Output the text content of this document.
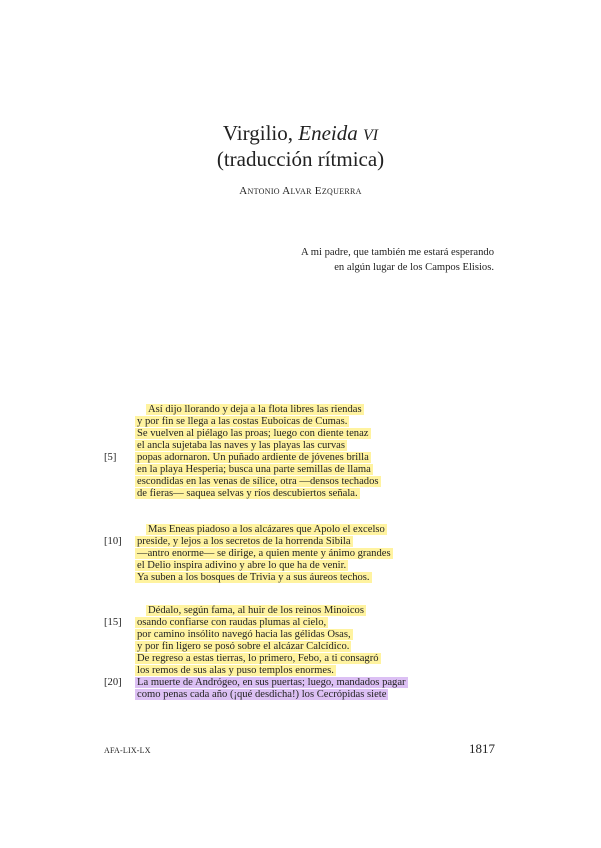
Virgilio, Eneida VI
(traducción rítmica)
Antonio Alvar Ezquerra
A mi padre, que también me estará esperando
en algún lugar de los Campos Elisios.
Así dijo llorando y deja a la flota libres las riendas
y por fin se llega a las costas Euboicas de Cumas.
Se vuelven al piélago las proas; luego con diente tenaz
el ancla sujetaba las naves y las playas las curvas
popas adornaron. Un puñado ardiente de jóvenes brilla
[5]
en la playa Hesperia; busca una parte semillas de llama
escondidas en las venas de sílice, otra —densos techados
de fieras— saquea selvas y ríos descubiertos señala.
Mas Eneas piadoso a los alcázares que Apolo el excelso
preside, y lejos a los secretos de la horrenda Sibila
[10]
—antro enorme— se dirige, a quien mente y ánimo grandes
el Delio inspira adivino y abre lo que ha de venir.
Ya suben a los bosques de Trivia y a sus áureos techos.
Dédalo, según fama, al huir de los reinos Minoicos
osando confiarse con raudas plumas al cielo,
[15]
por camino insólito navegó hacia las gélidas Osas,
y por fin ligero se posó sobre el alcázar Calcídico.
De regreso a estas tierras, lo primero, Febo, a ti consagró
los remos de sus alas y puso templos enormes.
La muerte de Andrógeo, en sus puertas; luego, mandados pagar
[20]
como penas cada año (¡qué desdicha!) los Cecrópidas siete
AFA-LIX-LX	1817
